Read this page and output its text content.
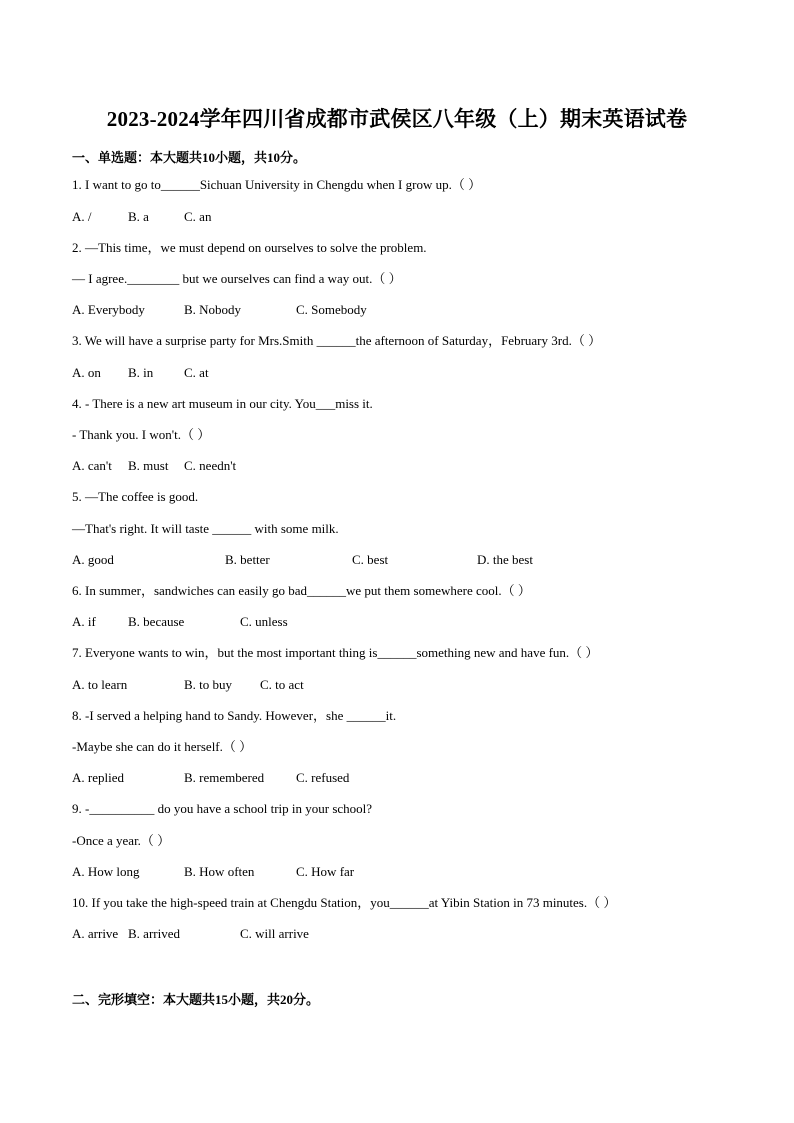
2023-2024学年四川省成都市武侯区八年级（上）期末英语试卷
一、单选题：本大题共10小题，共10分。
1. I want to go to______Sichuan University in Chengdu when I grow up.（ ）
A. /	B. a	C. an
2. —This time，we must depend on ourselves to solve the problem.
— I agree.________ but we ourselves can find a way out.（ ）
A. Everybody	B. Nobody	C. Somebody
3. We will have a surprise party for Mrs.Smith ______the afternoon of Saturday，February 3rd.（ ）
A. on B. in C. at
4. - There is a new art museum in our city. You___miss it.
- Thank you. I won't.（ ）
A. can't B. must C. needn't
5. —The coffee is good.
—That's right. It will taste ______ with some milk.
A. good	B. better	C. best	D. the best
6. In summer，sandwiches can easily go bad______we put them somewhere cool.（ ）
A. if B. because	C. unless
7. Everyone wants to win，but the most important thing is______something new and have fun.（ ）
A. to learn	B. to buy C. to act
8. -I served a helping hand to Sandy. However，she ______it.
-Maybe she can do it herself.（ ）
A. replied	B. remembered C. refused
9. -__________ do you have a school trip in your school?
-Once a year.（ ）
A. How long	B. How often	C. How far
10. If you take the high-speed train at Chengdu Station，you______at Yibin Station in 73 minutes.（ ）
A. arrive B. arrived	C. will arrive
二、完形填空：本大题共15小题，共20分。
